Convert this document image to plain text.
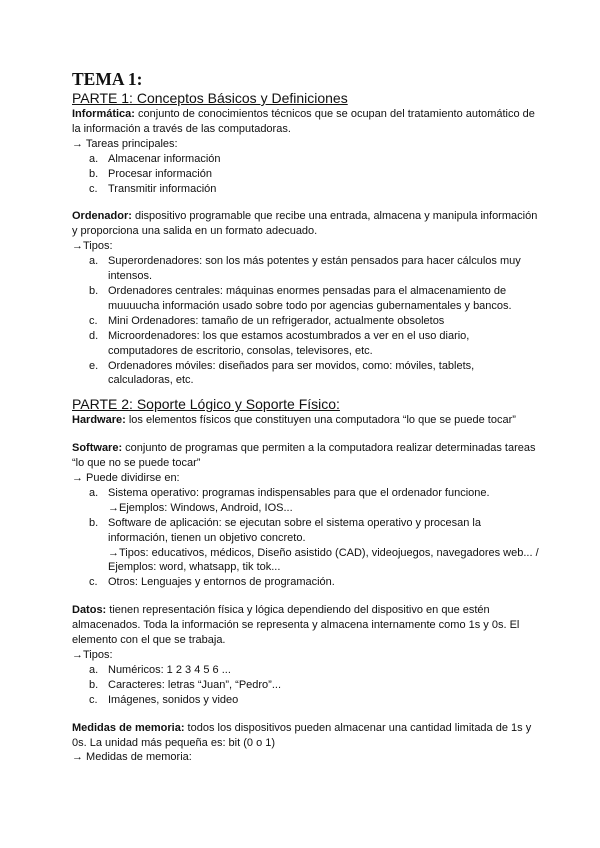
TEMA 1:
PARTE 1: Conceptos Básicos y Definiciones

Informática: conjunto de conocimientos técnicos que se ocupan del tratamiento automático de la información a través de las computadoras.

→ Tareas principales:

a. Almacenar información
b. Procesar información
c. Transmitir información

Ordenador: dispositivo programable que recibe una entrada, almacena y manipula información y proporciona una salida en un formato adecuado.

→Tipos:

a. Superordenadores: son los más potentes y están pensados para hacer cálculos muy intensos.
b. Ordenadores centrales: máquinas enormes pensadas para el almacenamiento de muuuucha información usado sobre todo por agencias gubernamentales y bancos.
c. Mini Ordenadores: tamaño de un refrigerador, actualmente obsoletos
d. Microordenadores: los que estamos acostumbrados a ver en el uso diario, computadores de escritorio, consolas, televisores, etc.
e. Ordenadores móviles: diseñados para ser movidos, como: móviles, tablets, calculadoras, etc.
PARTE 2: Soporte Lógico y Soporte Físico:

Hardware: los elementos físicos que constituyen una computadora “lo que se puede tocar”

Software: conjunto de programas que permiten a la computadora realizar determinadas tareas “lo que no se puede tocar”

→ Puede dividirse en:

a. Sistema operativo: programas indispensables para que el ordenador funcione.
→Ejemplos: Windows, Android, IOS...
b. Software de aplicación: se ejecutan sobre el sistema operativo y procesan la información, tienen un objetivo concreto.
→Tipos: educativos, médicos, Diseño asistido (CAD), videojuegos, navegadores web... / Ejemplos: word, whatsapp, tik tok...
c. Otros: Lenguajes y entornos de programación.

Datos: tienen representación física y lógica dependiendo del dispositivo en que estén almacenados. Toda la información se representa y almacena internamente como 1s y 0s. El elemento con el que se trabaja.

→Tipos:

a. Numéricos: 1 2 3 4 5 6 ...
b. Caracteres: letras “Juan”, “Pedro”...
c. Imágenes, sonidos y video

Medidas de memoria: todos los dispositivos pueden almacenar una cantidad limitada de 1s y 0s. La unidad más pequeña es: bit (0 o 1)

→ Medidas de memoria:
